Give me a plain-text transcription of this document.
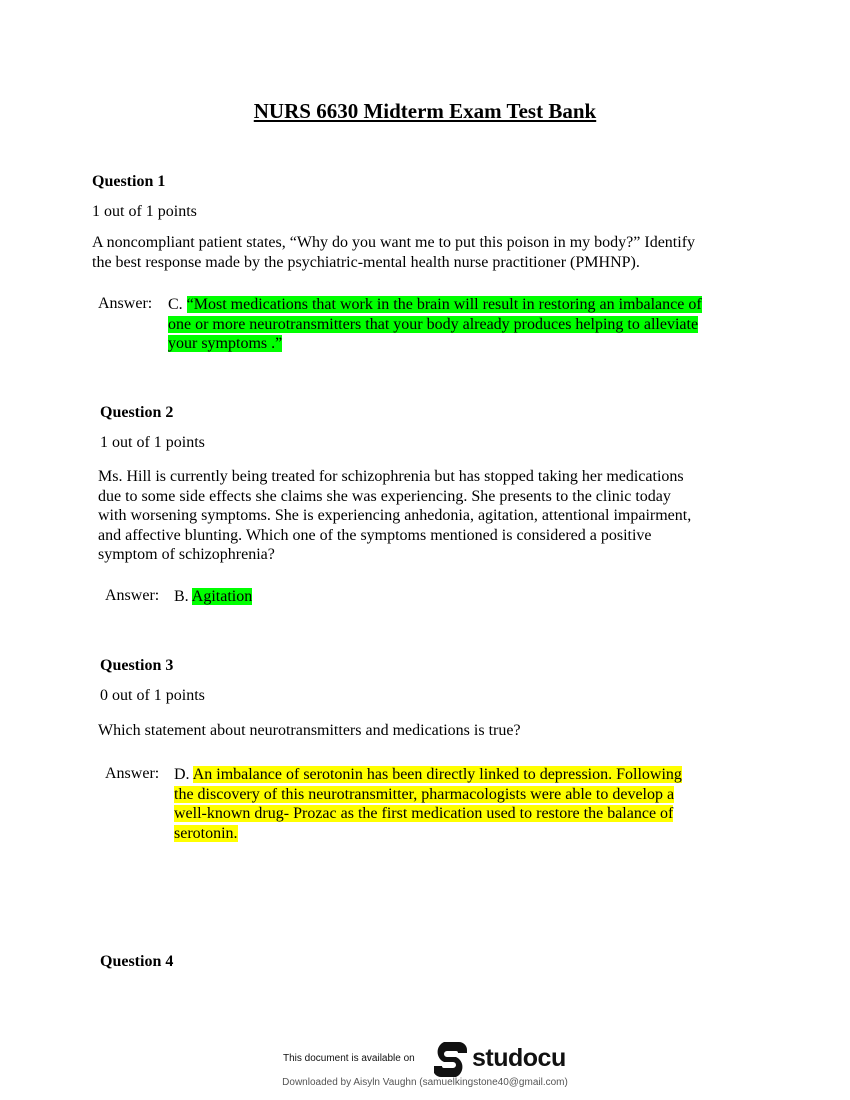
NURS 6630 Midterm Exam Test Bank
Question 1
1 out of 1 points
A noncompliant patient states, “Why do you want me to put this poison in my body?” Identify
the best response made by the psychiatric-mental health nurse practitioner (PMHNP).
Answer: C. “Most medications that work in the brain will result in restoring an imbalance of
one or more neurotransmitters that your body already produces helping to alleviate
your symptoms .”
Question 2
1 out of 1 points
Ms. Hill is currently being treated for schizophrenia but has stopped taking her medications
due to some side effects she claims she was experiencing. She presents to the clinic today
with worsening symptoms. She is experiencing anhedonia, agitation, attentional impairment,
and affective blunting. Which one of the symptoms mentioned is considered a positive
symptom of schizophrenia?
Answer: B. Agitation
Question 3
0 out of 1 points
Which statement about neurotransmitters and medications is true?
Answer: D. An imbalance of serotonin has been directly linked to depression. Following
the discovery of this neurotransmitter, pharmacologists were able to develop a
well-known drug- Prozac as the first medication used to restore the balance of
serotonin.
Question 4
This document is available on studocu
Downloaded by Aisyln Vaughn (samuelkingstone40@gmail.com)
